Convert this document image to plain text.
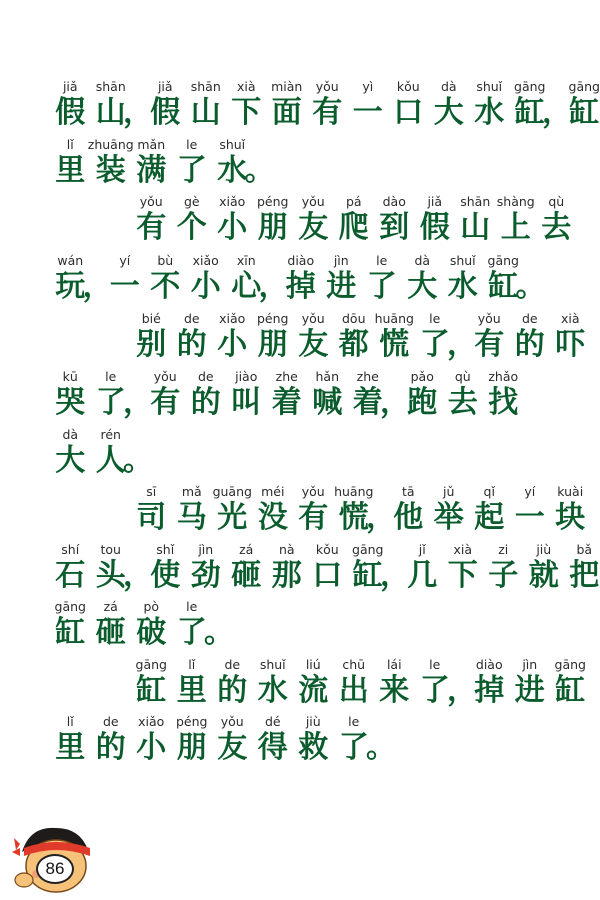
jiǎ
假
shān
山
，
jiǎ
假
shān
山
xià
下
miàn
面
yǒu
有
yì
一
kǒu
口
dà
大
shuǐ
水
gāng
缸
，
gāng
缸
lǐ
里
zhuāng
装
mǎn
满
le
了
shuǐ
水
。
yǒu
有
gè
个
xiǎo
小
péng
朋
yǒu
友
pá
爬
dào
到
jiǎ
假
shān
山
shàng
上
qù
去
wán
玩
，
yí
一
bù
不
xiǎo
小
xīn
心
，
diào
掉
jìn
进
le
了
dà
大
shuǐ
水
gāng
缸
。
bié
别
de
的
xiǎo
小
péng
朋
yǒu
友
dōu
都
huāng
慌
le
了
，
yǒu
有
de
的
xià
吓
kū
哭
le
了
，
yǒu
有
de
的
jiào
叫
zhe
着
hǎn
喊
zhe
着
，
pǎo
跑
qù
去
zhǎo
找
dà
大
rén
人
。
sī
司
mǎ
马
guāng
光
méi
没
yǒu
有
huāng
慌
，
tā
他
jǔ
举
qǐ
起
yí
一
kuài
块
shí
石
tou
头
，
shǐ
使
jìn
劲
zá
砸
nà
那
kǒu
口
gāng
缸
，
jǐ
几
xià
下
zi
子
jiù
就
bǎ
把
gāng
缸
zá
砸
pò
破
le
了
。
gāng
缸
lǐ
里
de
的
shuǐ
水
liú
流
chū
出
lái
来
le
了
，
diào
掉
jìn
进
gāng
缸
lǐ
里
de
的
xiǎo
小
péng
朋
yǒu
友
dé
得
jiù
救
le
了
。
86
